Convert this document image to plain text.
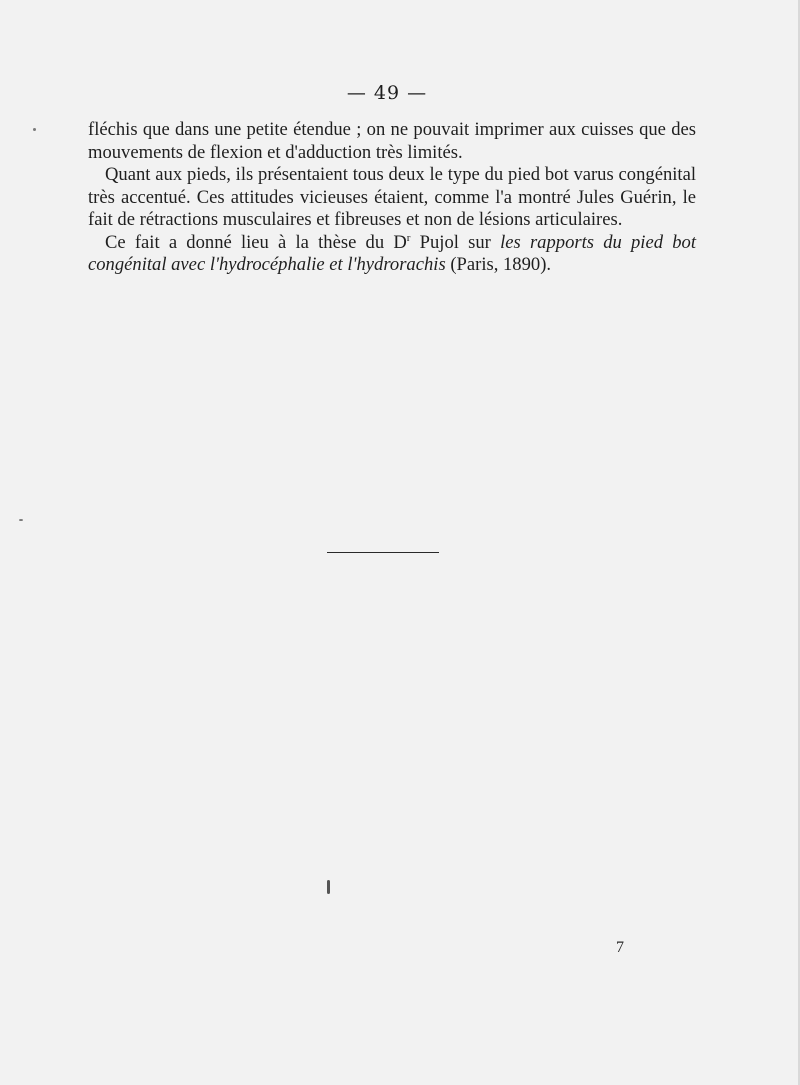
— 49 —

fléchis que dans une petite étendue ; on ne pouvait imprimer aux cuisses que des mouvements de flexion et d'adduction très limités.

Quant aux pieds, ils présentaient tous deux le type du pied bot varus congénital très accentué. Ces attitudes vicieuses étaient, comme l'a montré Jules Guérin, le fait de rétractions musculaires et fibreuses et non de lésions articulaires.

Ce fait a donné lieu à la thèse du $D^r$ Pujol sur les rapports du pied bot congénital avec l'hydrocéphalie et l'hydrorachis (Paris, 1890).

7
